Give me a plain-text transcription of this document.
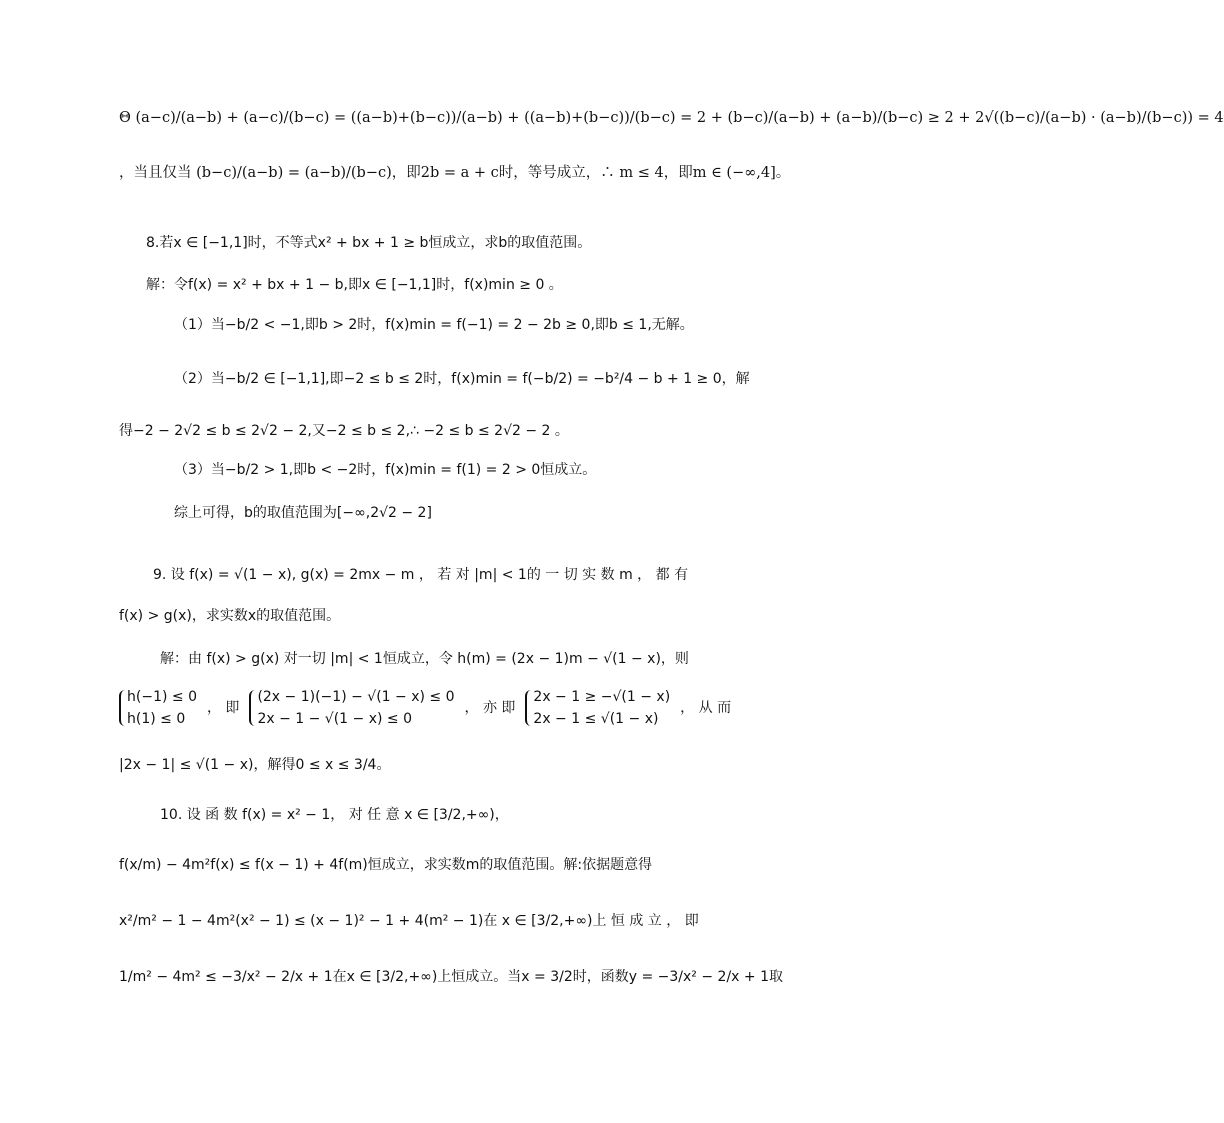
Θ (a−c)/(a−b) + (a−c)/(b−c) = ((a−b)+(b−c))/(a−b) + ((a−b)+(b−c))/(b−c) = 2 + (b−c)/(a−b) + (a−b)/(b−c) ≥ 2 + 2√((b−c)/(a−b) · (a−b)/(b−c)) = 4
，当且仅当 (b−c)/(a−b) = (a−b)/(b−c)，即2b = a + c时，等号成立，∴ m ≤ 4，即m ∈ (−∞,4]。
8.若x ∈ [−1,1]时，不等式x² + bx + 1 ≥ b恒成立，求b的取值范围。
解：令f(x) = x² + bx + 1 − b,即x ∈ [−1,1]时，f(x)min ≥ 0 。
（1）当−b/2 < −1,即b > 2时，f(x)min = f(−1) = 2 − 2b ≥ 0,即b ≤ 1,无解。
（2）当−b/2 ∈ [−1,1],即−2 ≤ b ≤ 2时，f(x)min = f(−b/2) = −b²/4 − b + 1 ≥ 0，解
得−2 − 2√2 ≤ b ≤ 2√2 − 2,又−2 ≤ b ≤ 2,∴ −2 ≤ b ≤ 2√2 − 2 。
（3）当−b/2 > 1,即b < −2时，f(x)min = f(1) = 2 > 0恒成立。
综上可得，b的取值范围为[−∞,2√2 − 2]
9. 设 f(x) = √(1 − x), g(x) = 2mx − m ， 若 对 |m| < 1的 一 切 实 数 m ， 都 有
f(x) > g(x)，求实数x的取值范围。
解：由 f(x) > g(x) 对一切 |m| < 1恒成立，令 h(m) = (2x − 1)m − √(1 − x)，则
h(−1) ≤ 0
h(1) ≤ 0
， 即
(2x − 1)(−1) − √(1 − x) ≤ 0
2x − 1 − √(1 − x) ≤ 0
， 亦 即
2x − 1 ≥ −√(1 − x)
2x − 1 ≤ √(1 − x)
， 从 而
|2x − 1| ≤ √(1 − x)，解得0 ≤ x ≤ 3/4。
10. 设 函 数 f(x) = x² − 1， 对 任 意 x ∈ [3/2,+∞)，
f(x/m) − 4m²f(x) ≤ f(x − 1) + 4f(m)恒成立，求实数m的取值范围。解:依据题意得
x²/m² − 1 − 4m²(x² − 1) ≤ (x − 1)² − 1 + 4(m² − 1)在 x ∈ [3/2,+∞)上 恒 成 立 ， 即
1/m² − 4m² ≤ −3/x² − 2/x + 1在x ∈ [3/2,+∞)上恒成立。当x = 3/2时，函数y = −3/x² − 2/x + 1取
